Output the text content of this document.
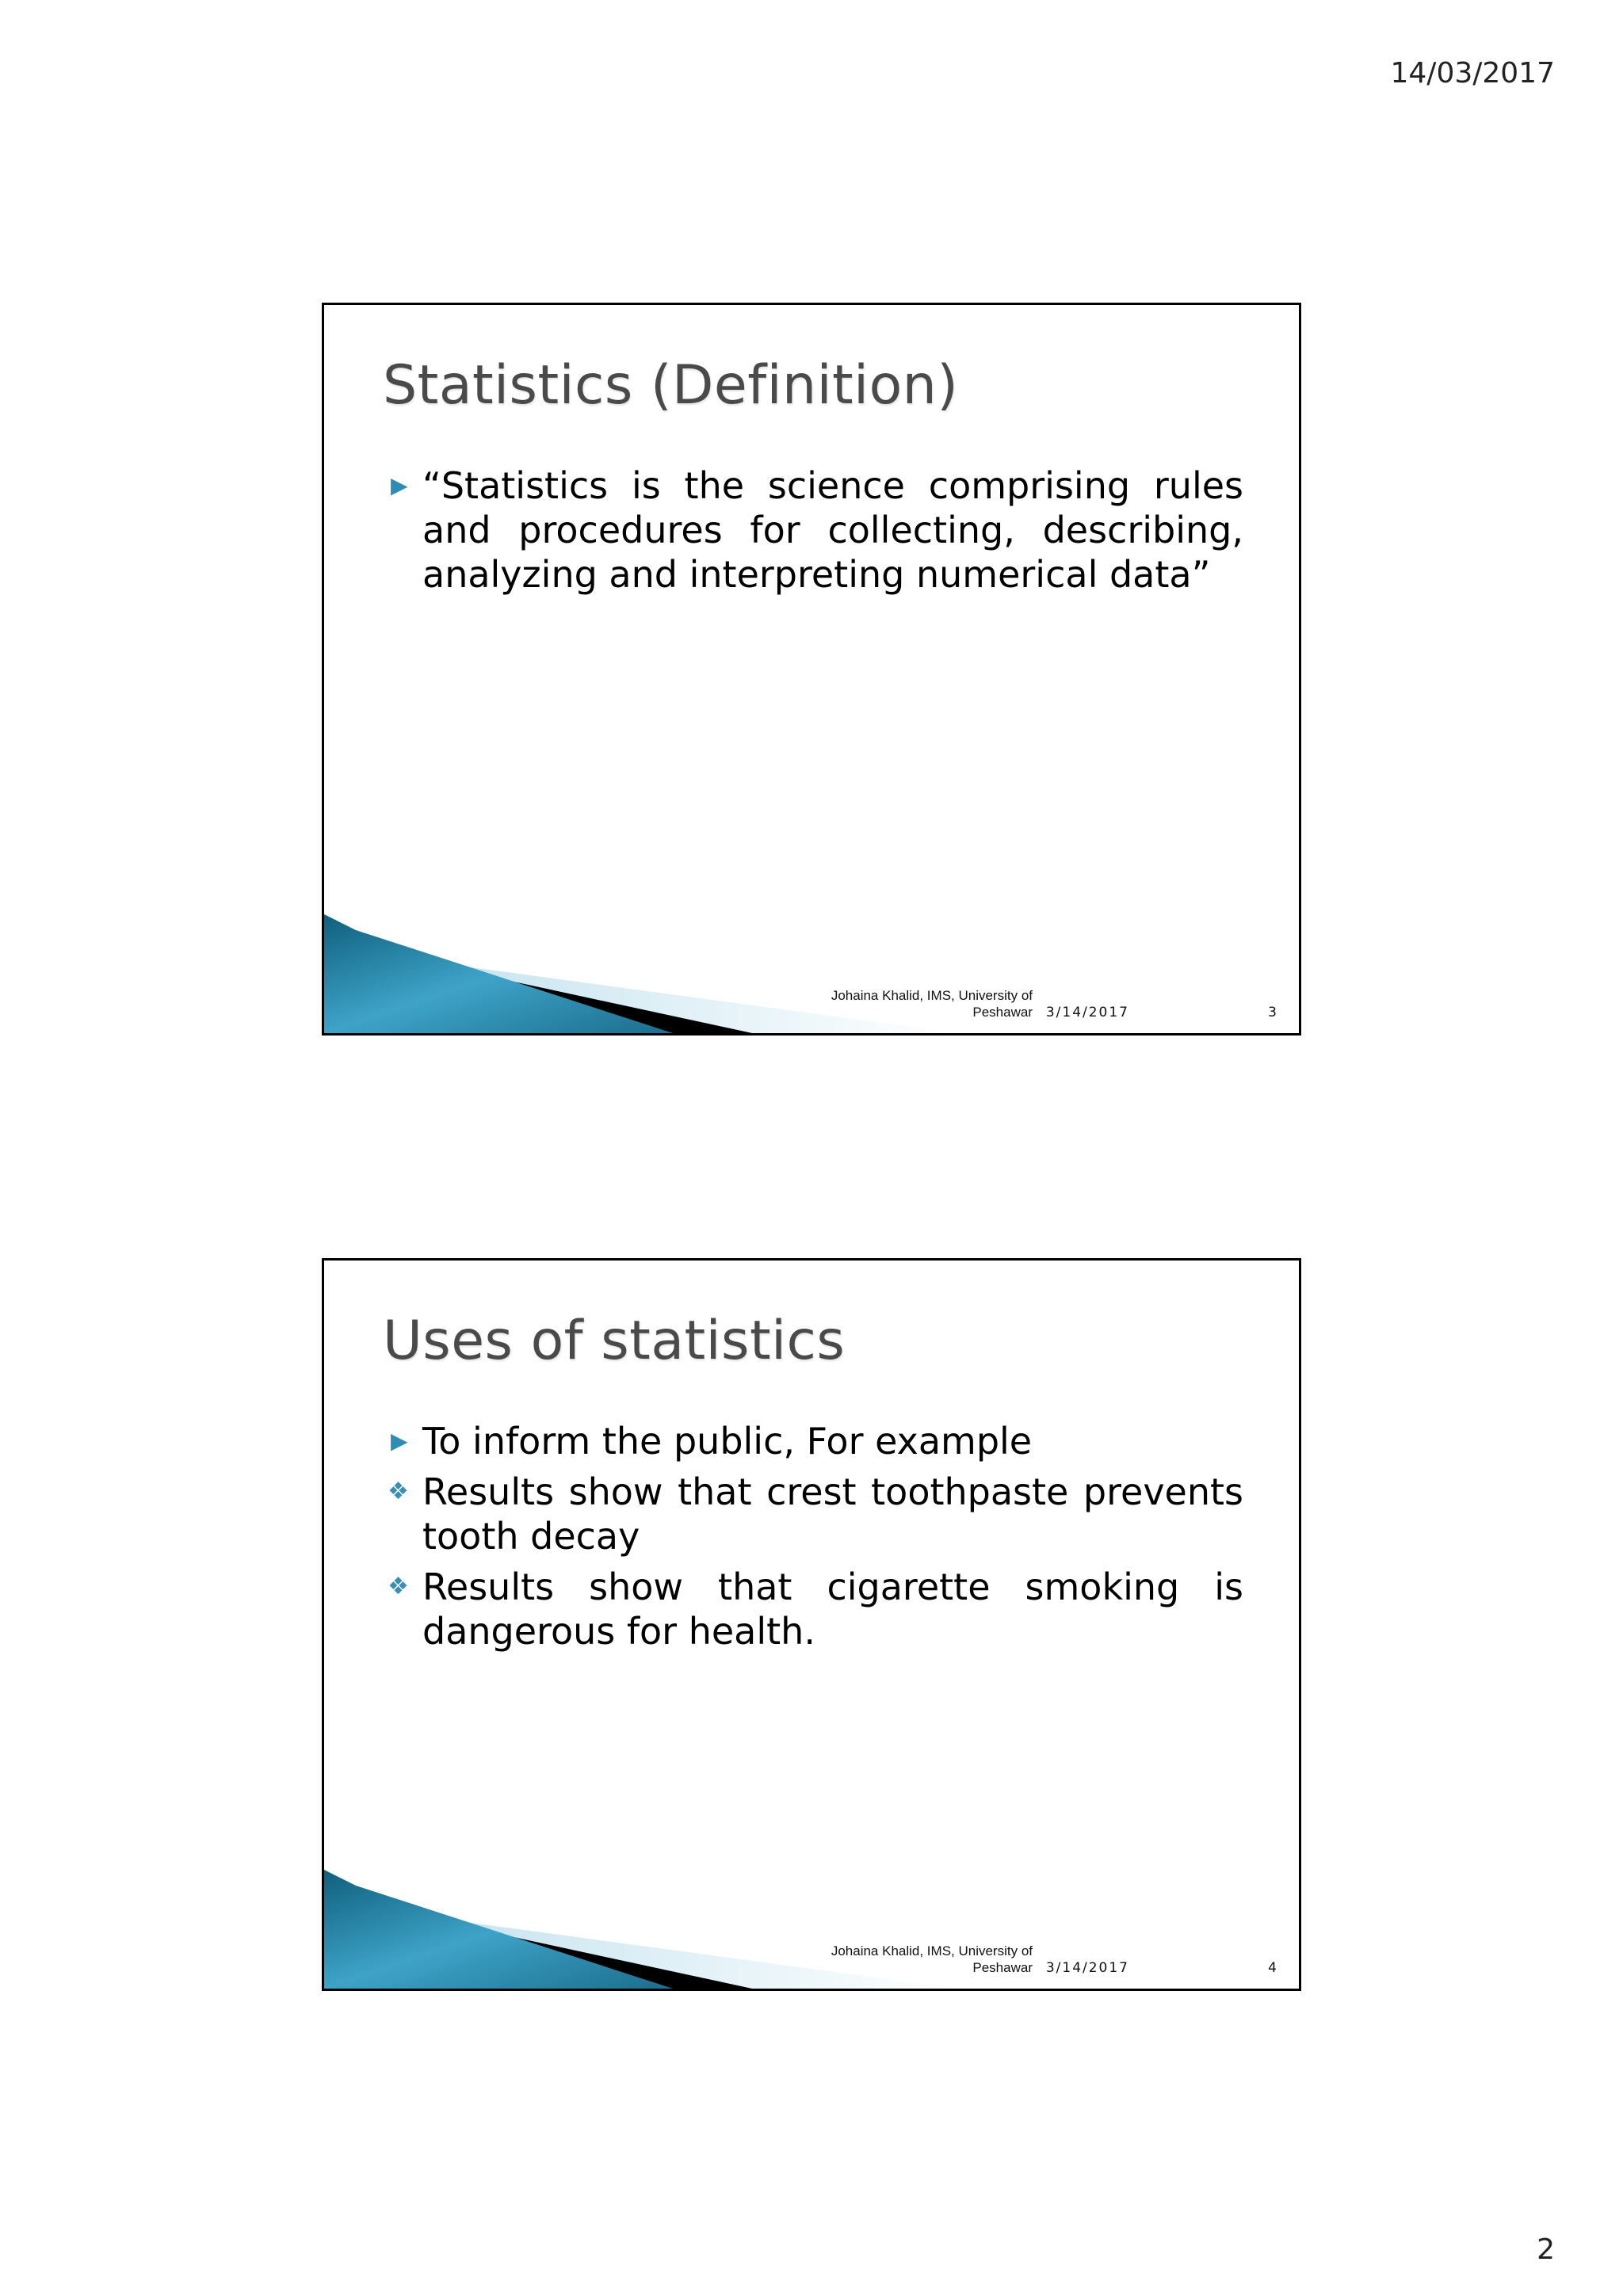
14/03/2017
Statistics (Definition)
▶ “Statistics is the science comprising rules and procedures for collecting, describing, analyzing and interpreting numerical data”
Johaina Khalid, IMS, University of
Peshawar 3/14/2017	3
Uses of statistics
▶ To inform the public, For example
❖ Results show that crest toothpaste prevents tooth decay
❖ Results show that cigarette smoking is dangerous for health.
Johaina Khalid, IMS, University of
Peshawar 3/14/2017	4
2
